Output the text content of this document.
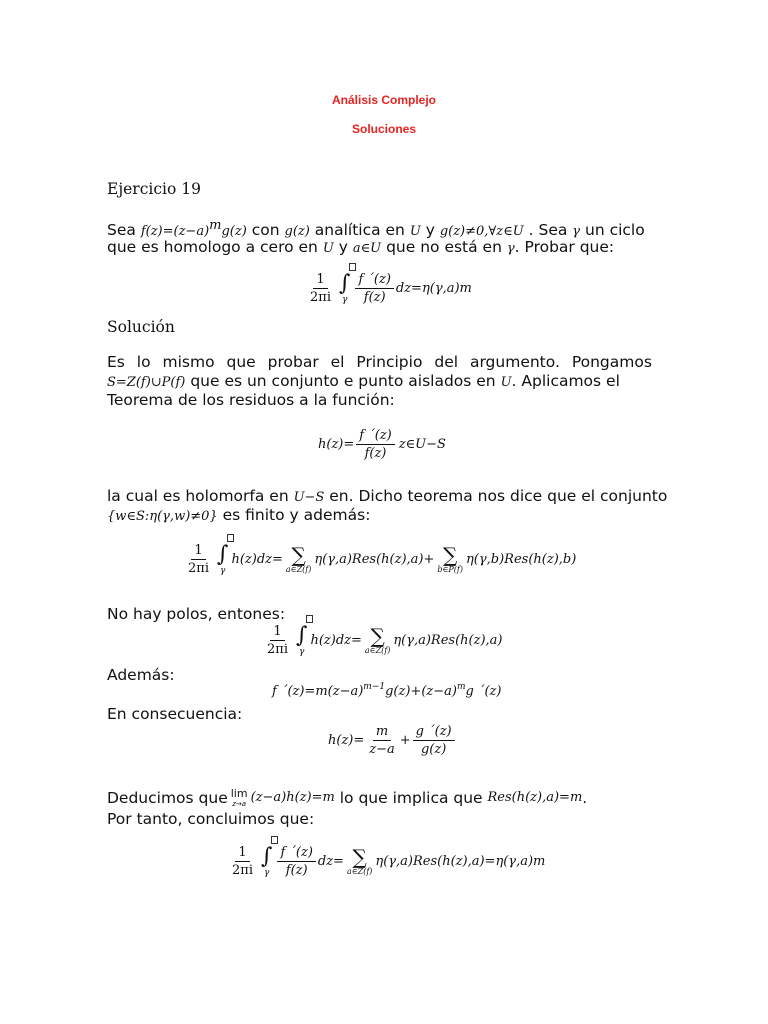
Análisis Complejo
Soluciones
Ejercicio 19
Sea $f(z)=(z-a)^mg(z)$ con g(z) analítica en U y g(z)≠0,∀z∈U . Sea γ un ciclo
que es homologo a cero en U y a∈U que no está en γ. Probar que:
$\frac{1}{2\pi i}$ ∫
γ $\frac{f ´(z)}{f(z)} dz=\eta(\gamma,a)m$
Solución
Es lo mismo que probar el Principio del argumento. Pongamos
S=Z(f)∪P(f) que es un conjunto e punto aislados en U. Aplicamos el
Teorema de los residuos a la función:
$h(z)= \frac{f ´(z)}{f(z)}$ z∈U−S
la cual es holomorfa en U−S en. Dicho teorema nos dice que el conjunto
{w∈S:η(γ,w)≠0} es finito y además:
$\frac{1}{2\pi i}$ ∫
γ
h(z)dz= ∑
a∈Z(f)
η(γ,a)Res(h(z),a)+ ∑
b∈P(f)
η(γ,b)Res(h(z),b)
No hay polos, entones:
$\frac{1}{2\pi i}$ ∫
γ
h(z)dz= ∑
a∈Z(f)
η(γ,a)Res(h(z),a)
Además:
f $´(z)=m(z-a)^{m-1}$ $g(z)+(z-a)^m$ g ´(z)
En consecuencia:
$h(z)= \frac{m}{z-a} + \frac{g ´(z)}{g(z)}$
Deducimos que lim
z→a (z−a)h(z)=m lo que implica que Res(h(z),a)=m .
Por tanto, concluimos que:
$\frac{1}{2\pi i}$ ∫
γ $\frac{f ´(z)}{f(z)} dz=$ ∑
a∈Z(f)
η(γ,a)Res(h(z),a)=η(γ,a)m
